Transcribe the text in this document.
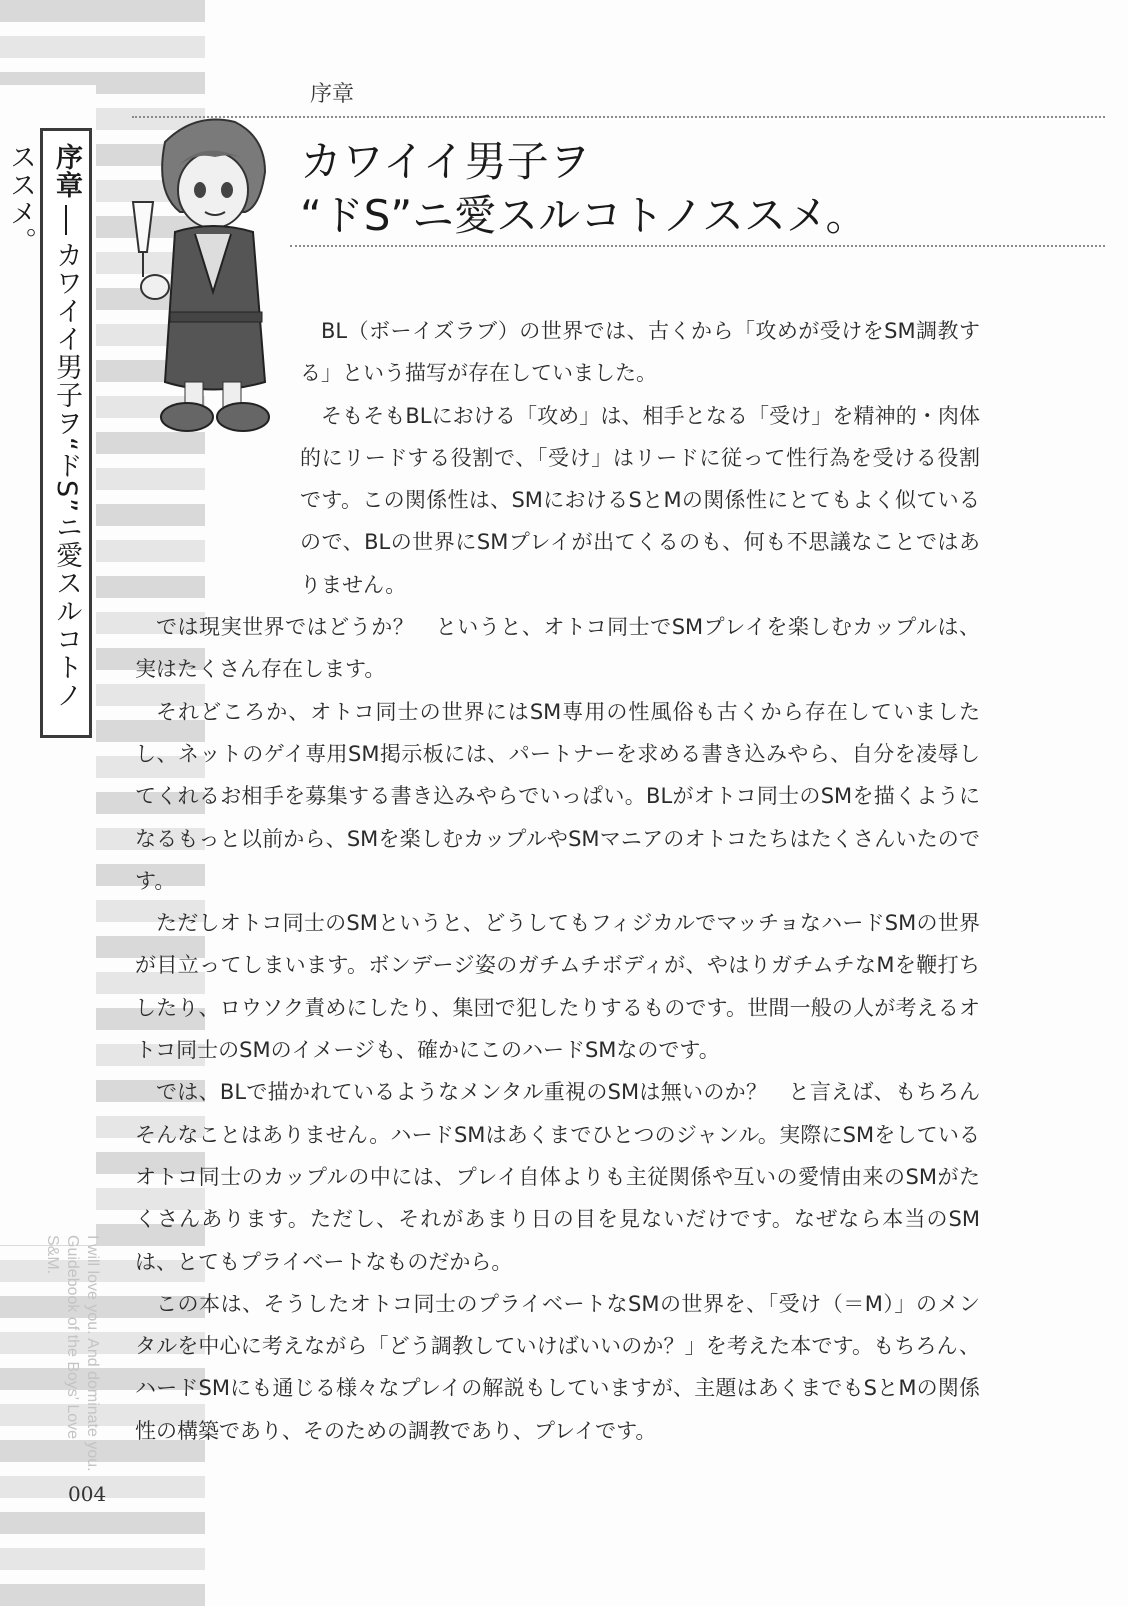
序章カワイイ男子ヲ“ドS”ニ愛スルコトノススメ。
I will love you. And dominate you.
Guidebook of the Boys' Love S&M.
004
序章
カワイイ男子ヲ
“ドS”ニ愛スルコトノススメ。

BL（ボーイズラブ）の世界では、古くから「攻めが受けをSM調教する」という描写が存在していました。

そもそもBLにおける「攻め」は、相手となる「受け」を精神的・肉体的にリードする役割で、「受け」はリードに従って性行為を受ける役割です。この関係性は、SMにおけるSとMの関係性にとてもよく似ているので、BLの世界にSMプレイが出てくるのも、何も不思議なことではありません。

では現実世界ではどうか？　というと、オトコ同士でSMプレイを楽しむカップルは、実はたくさん存在します。

それどころか、オトコ同士の世界にはSM専用の性風俗も古くから存在していましたし、ネットのゲイ専用SM掲示板には、パートナーを求める書き込みやら、自分を凌辱してくれるお相手を募集する書き込みやらでいっぱい。BLがオトコ同士のSMを描くようになるもっと以前から、SMを楽しむカップルやSMマニアのオトコたちはたくさんいたのです。

ただしオトコ同士のSMというと、どうしてもフィジカルでマッチョなハードSMの世界が目立ってしまいます。ボンデージ姿のガチムチボディが、やはりガチムチなMを鞭打ちしたり、ロウソク責めにしたり、集団で犯したりするものです。世間一般の人が考えるオトコ同士のSMのイメージも、確かにこのハードSMなのです。

では、BLで描かれているようなメンタル重視のSMは無いのか？　と言えば、もちろんそんなことはありません。ハードSMはあくまでひとつのジャンル。実際にSMをしているオトコ同士のカップルの中には、プレイ自体よりも主従関係や互いの愛情由来のSMがたくさんあります。ただし、それがあまり日の目を見ないだけです。なぜなら本当のSMは、とてもプライベートなものだから。

この本は、そうしたオトコ同士のプライベートなSMの世界を、「受け（＝M）」のメンタルを中心に考えながら「どう調教していけばいいのか？」を考えた本です。もちろん、ハードSMにも通じる様々なプレイの解説もしていますが、主題はあくまでもSとMの関係性の構築であり、そのための調教であり、プレイです。
